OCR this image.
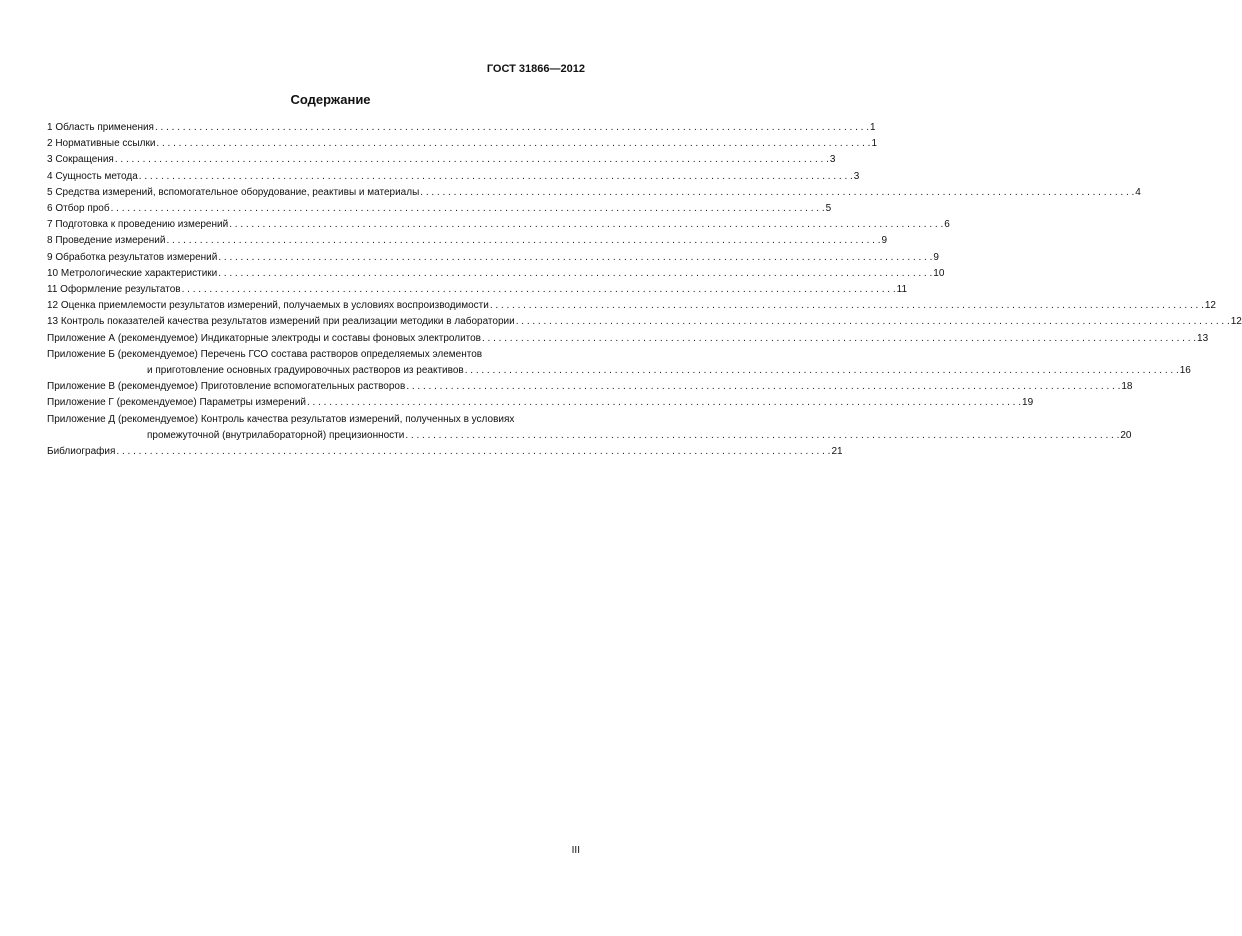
ГОСТ 31866—2012
Содержание
1 Область применения . . .	1
2 Нормативные ссылки . . .	1
3 Сокращения . . .	3
4 Сущность метода . . .	3
5 Средства измерений, вспомогательное оборудование, реактивы и материалы . . .	4
6 Отбор проб . . .	5
7 Подготовка к проведению измерений . . .	6
8 Проведение измерений . . .	9
9 Обработка результатов измерений . . .	9
10 Метрологические характеристики . . .	10
11 Оформление результатов . . .	11
12 Оценка приемлемости результатов измерений, получаемых в условиях воспроизводимости . . .	12
13 Контроль показателей качества результатов измерений при реализации методики в лаборатории . . .	12
Приложение А (рекомендуемое) Индикаторные электроды и составы фоновых электролитов . . .	13
Приложение Б (рекомендуемое) Перечень ГСО состава растворов определяемых элементов
и приготовление основных градуировочных растворов из реактивов . . .	16
Приложение В (рекомендуемое) Приготовление вспомогательных растворов . . .	18
Приложение Г (рекомендуемое) Параметры измерений . . .	19
Приложение Д (рекомендуемое) Контроль качества результатов измерений, полученных в условиях
промежуточной (внутрилабораторной) прецизионности . . .	20
Библиография . . .	21
III
